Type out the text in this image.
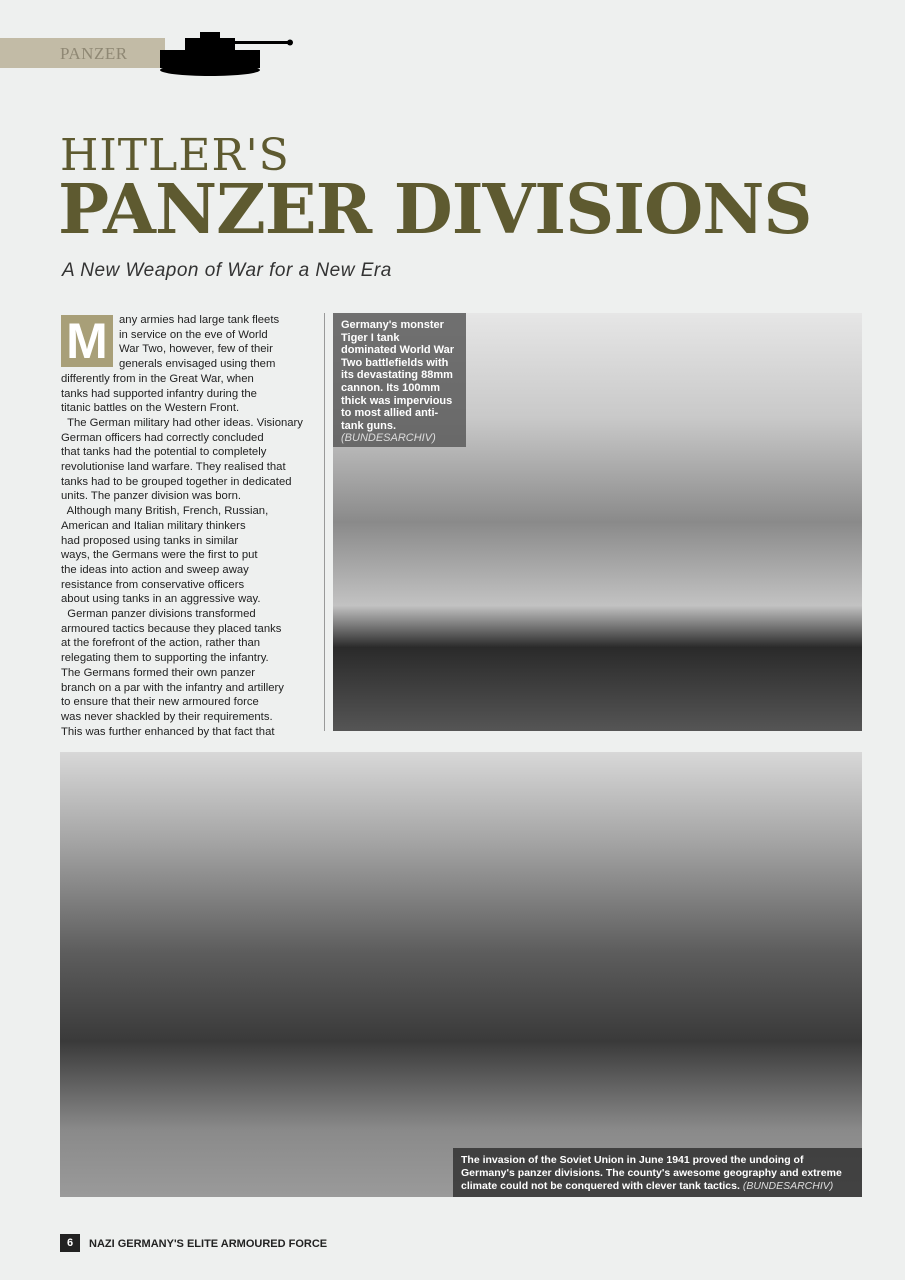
PANZER
HITLER'S
PANZER DIVISIONS
A New Weapon of War for a New Era
M any armies had large tank fleets
in service on the eve of World
War Two, however, few of their
generals envisaged using them
differently from in the Great War, when
tanks had supported infantry during the
titanic battles on the Western Front.
The German military had other ideas. Visionary
German officers had correctly concluded
that tanks had the potential to completely
revolutionise land warfare. They realised that
tanks had to be grouped together in dedicated
units. The panzer division was born.
Although many British, French, Russian,
American and Italian military thinkers
had proposed using tanks in similar
ways, the Germans were the first to put
the ideas into action and sweep away
resistance from conservative officers
about using tanks in an aggressive way.
German panzer divisions transformed
armoured tactics because they placed tanks
at the forefront of the action, rather than
relegating them to supporting the infantry.
The Germans formed their own panzer
branch on a par with the infantry and artillery
to ensure that their new armoured force
was never shackled by their requirements.
This was further enhanced by that fact that
Germany's monster Tiger I tank dominated World War Two battlefields with its devastating 88mm cannon. Its 100mm thick was impervious to most allied anti-tank guns. (BUNDESARCHIV)
The invasion of the Soviet Union in June 1941 proved the undoing of Germany's panzer divisions. The county's awesome geography and extreme climate could not be conquered with clever tank tactics. (BUNDESARCHIV)
6	NAZI GERMANY'S ELITE ARMOURED FORCE
